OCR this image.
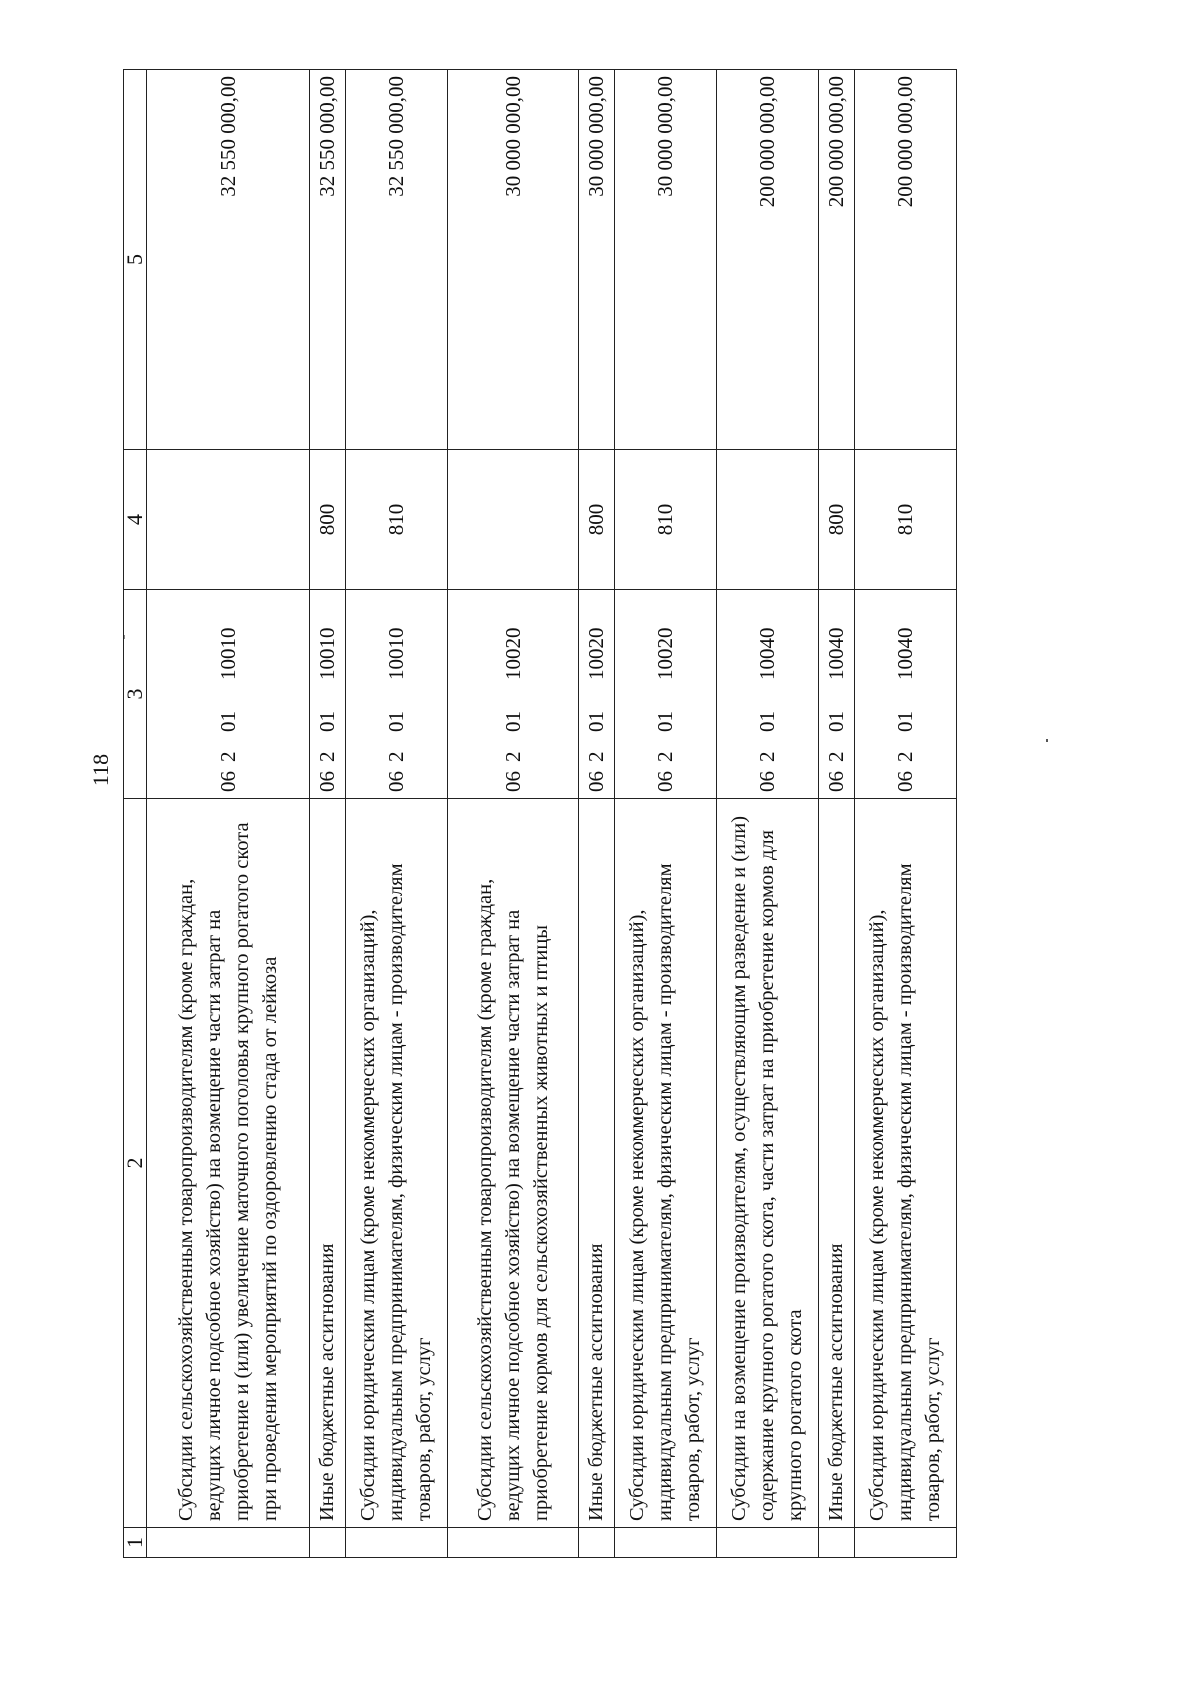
118
1	2	3	4	5
	Субсидии сельскохозяйственным товаропроизводителям (кроме граждан, ведущих личное подсобное хозяйство) на возмещение части затрат на приобретение и (или) увеличение маточного поголовья крупного рогатого скота при проведении мероприятий по оздоровлению стада от лейкоза	0620110010		32 550 000,00
	Иные бюджетные ассигнования	0620110010	800	32 550 000,00
	Субсидии юридическим лицам (кроме некоммерческих организаций), индивидуальным предпринимателям, физическим лицам - производителям товаров, работ, услуг	0620110010	810	32 550 000,00
	Субсидии сельскохозяйственным товаропроизводителям (кроме граждан, ведущих личное подсобное хозяйство) на возмещение части затрат на приобретение кормов для сельскохозяйственных животных и птицы	0620110020		30 000 000,00
	Иные бюджетные ассигнования	0620110020	800	30 000 000,00
	Субсидии юридическим лицам (кроме некоммерческих организаций), индивидуальным предпринимателям, физическим лицам - производителям товаров, работ, услуг	0620110020	810	30 000 000,00
	Субсидии на возмещение производителям, осуществляющим разведение и (или) содержание крупного рогатого скота, части затрат на приобретение кормов для крупного рогатого скота	0620110040		200 000 000,00
	Иные бюджетные ассигнования	0620110040	800	200 000 000,00
	Субсидии юридическим лицам (кроме некоммерческих организаций), индивидуальным предпринимателям, физическим лицам - производителям товаров, работ, услуг	0620110040	810	200 000 000,00
